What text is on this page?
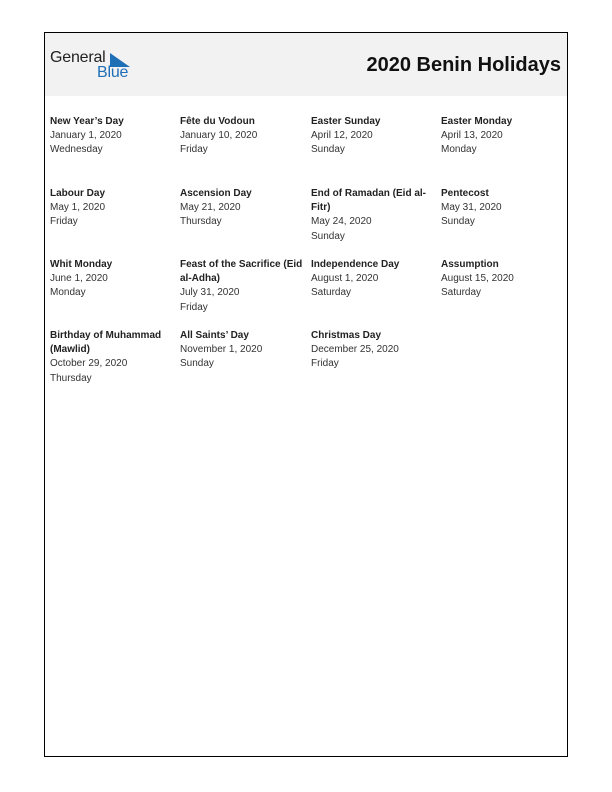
General
Blue	2020 Benin Holidays
New Year’s Day
January 1, 2020
Wednesday
Fête du Vodoun
January 10, 2020
Friday
Easter Sunday
April 12, 2020
Sunday
Easter Monday
April 13, 2020
Monday
Labour Day
May 1, 2020
Friday
Ascension Day
May 21, 2020
Thursday
End of Ramadan (Eid al-Fitr)
May 24, 2020
Sunday
Pentecost
May 31, 2020
Sunday
Whit Monday
June 1, 2020
Monday
Feast of the Sacrifice (Eid al-Adha)
July 31, 2020
Friday
Independence Day
August 1, 2020
Saturday
Assumption
August 15, 2020
Saturday
Birthday of Muhammad (Mawlid)
October 29, 2020
Thursday
All Saints’ Day
November 1, 2020
Sunday
Christmas Day
December 25, 2020
Friday
